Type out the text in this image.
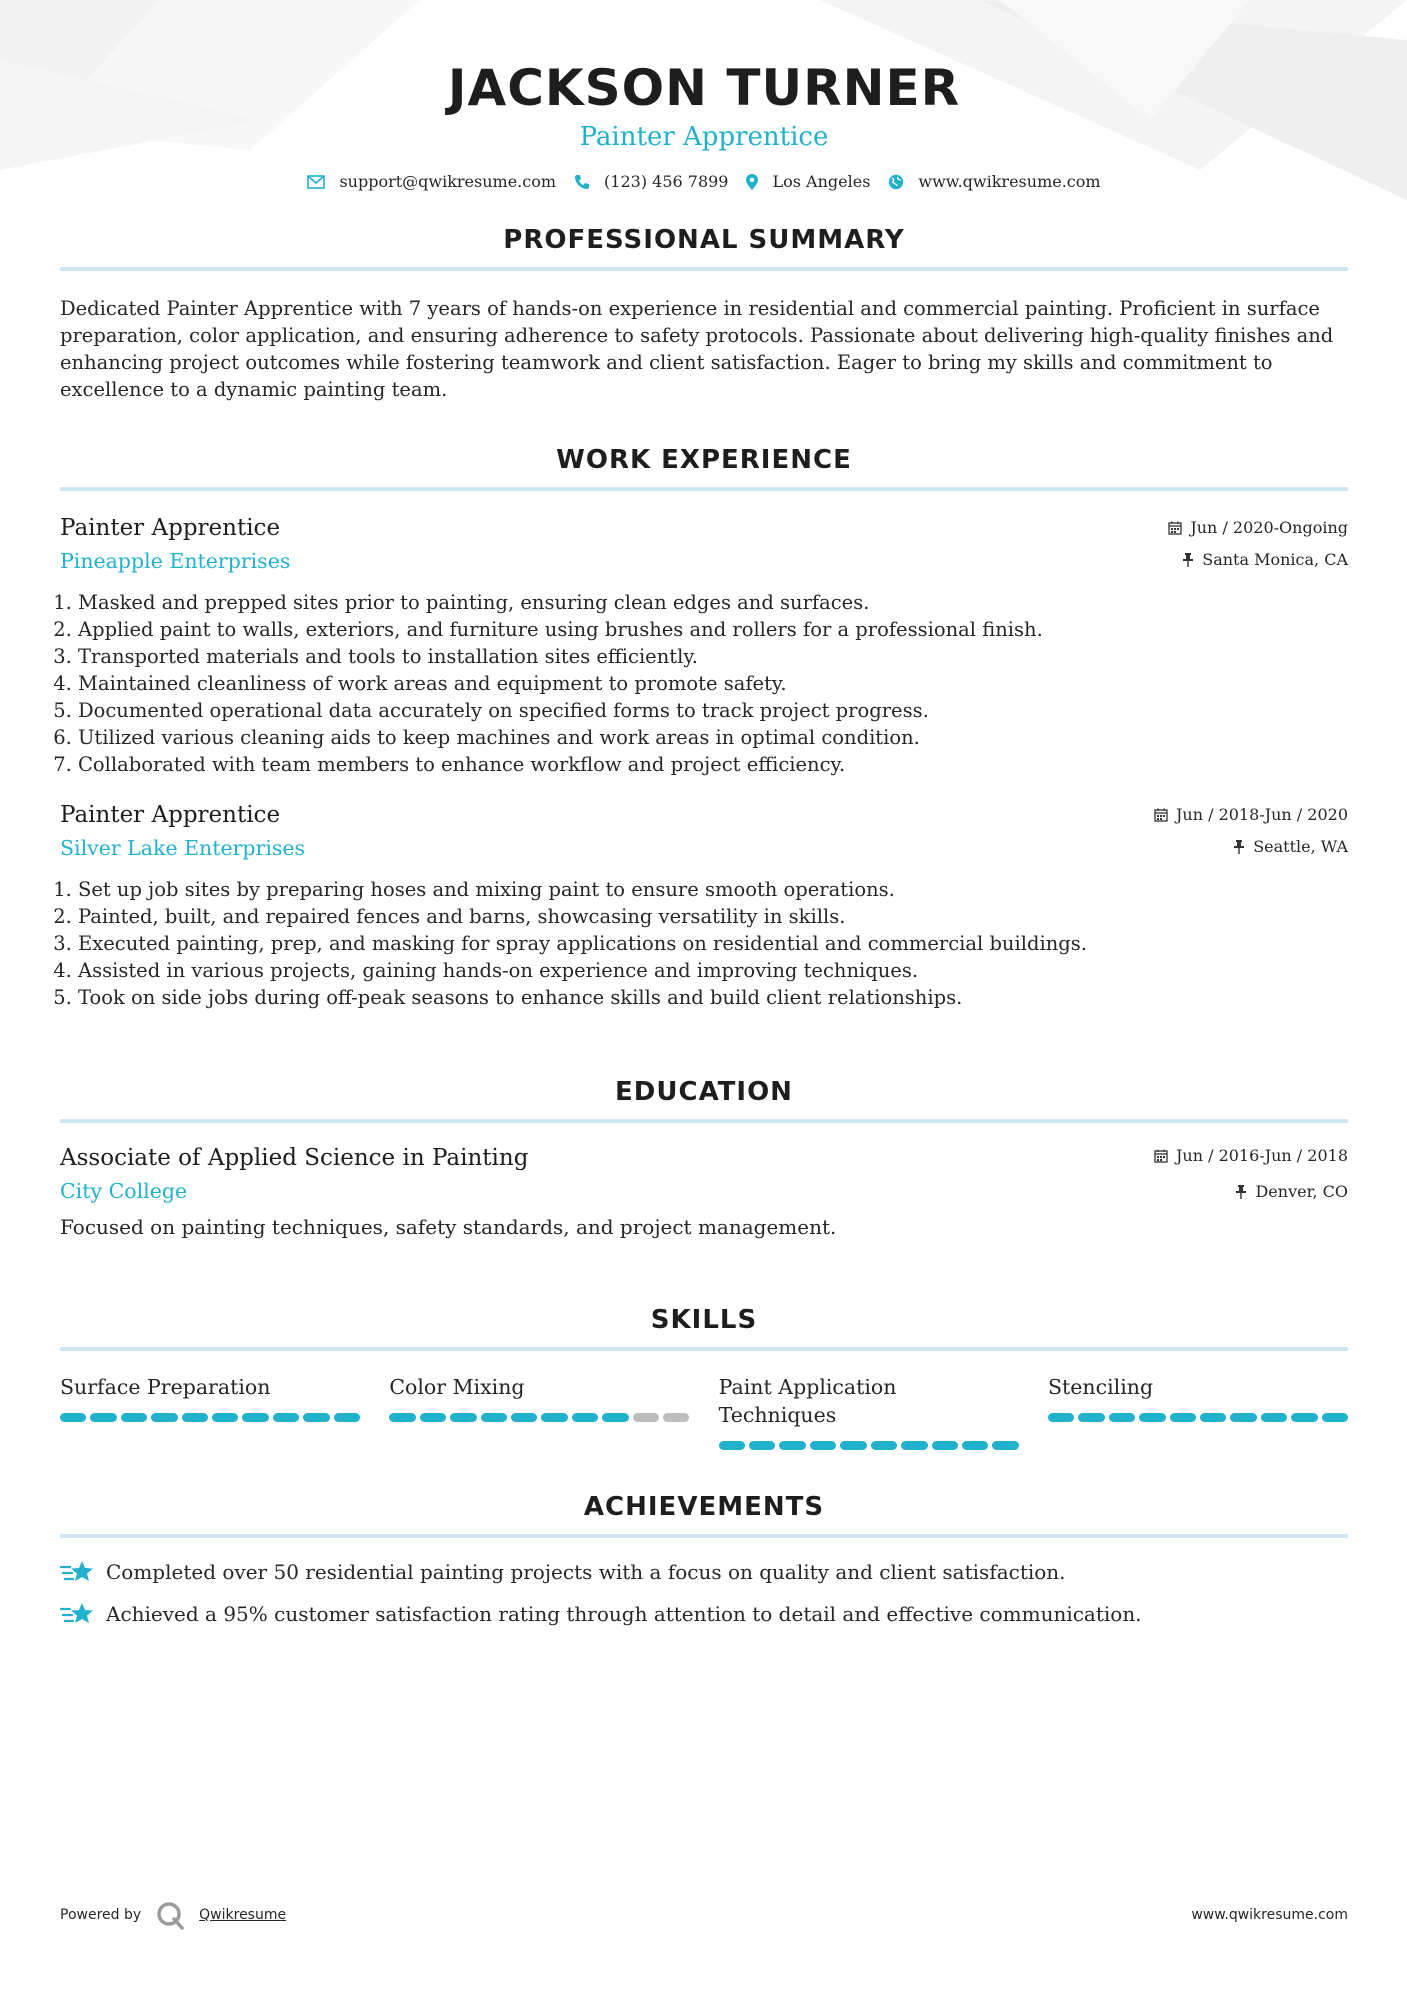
JACKSON TURNER
Painter Apprentice
support@qwikresume.com	(123) 456 7899	Los Angeles	www.qwikresume.com
PROFESSIONAL SUMMARY

Dedicated Painter Apprentice with 7 years of hands-on experience in residential and commercial painting. Proficient in surface preparation, color application, and ensuring adherence to safety protocols. Passionate about delivering high-quality finishes and enhancing project outcomes while fostering teamwork and client satisfaction. Eager to bring my skills and commitment to excellence to a dynamic painting team.

WORK EXPERIENCE
Painter Apprentice
Pineapple Enterprises
Jun / 2020-Ongoing
Santa Monica, CA
1. Masked and prepped sites prior to painting, ensuring clean edges and surfaces.
2. Applied paint to walls, exteriors, and furniture using brushes and rollers for a professional finish.
3. Transported materials and tools to installation sites efficiently.
4. Maintained cleanliness of work areas and equipment to promote safety.
5. Documented operational data accurately on specified forms to track project progress.
6. Utilized various cleaning aids to keep machines and work areas in optimal condition.
7. Collaborated with team members to enhance workflow and project efficiency.
Painter Apprentice
Silver Lake Enterprises
Jun / 2018-Jun / 2020
Seattle, WA
1. Set up job sites by preparing hoses and mixing paint to ensure smooth operations.
2. Painted, built, and repaired fences and barns, showcasing versatility in skills.
3. Executed painting, prep, and masking for spray applications on residential and commercial buildings.
4. Assisted in various projects, gaining hands-on experience and improving techniques.
5. Took on side jobs during off-peak seasons to enhance skills and build client relationships.
EDUCATION
Associate of Applied Science in Painting
City College
Jun / 2016-Jun / 2018
Denver, CO
Focused on painting techniques, safety standards, and project management.
SKILLS
Surface Preparation	Color Mixing	Paint Application Techniques
Stenciling
ACHIEVEMENTS
Completed over 50 residential painting projects with a focus on quality and client satisfaction.
Achieved a 95% customer satisfaction rating through attention to detail and effective communication.
Powered by	Qwikresume	www.qwikresume.com
